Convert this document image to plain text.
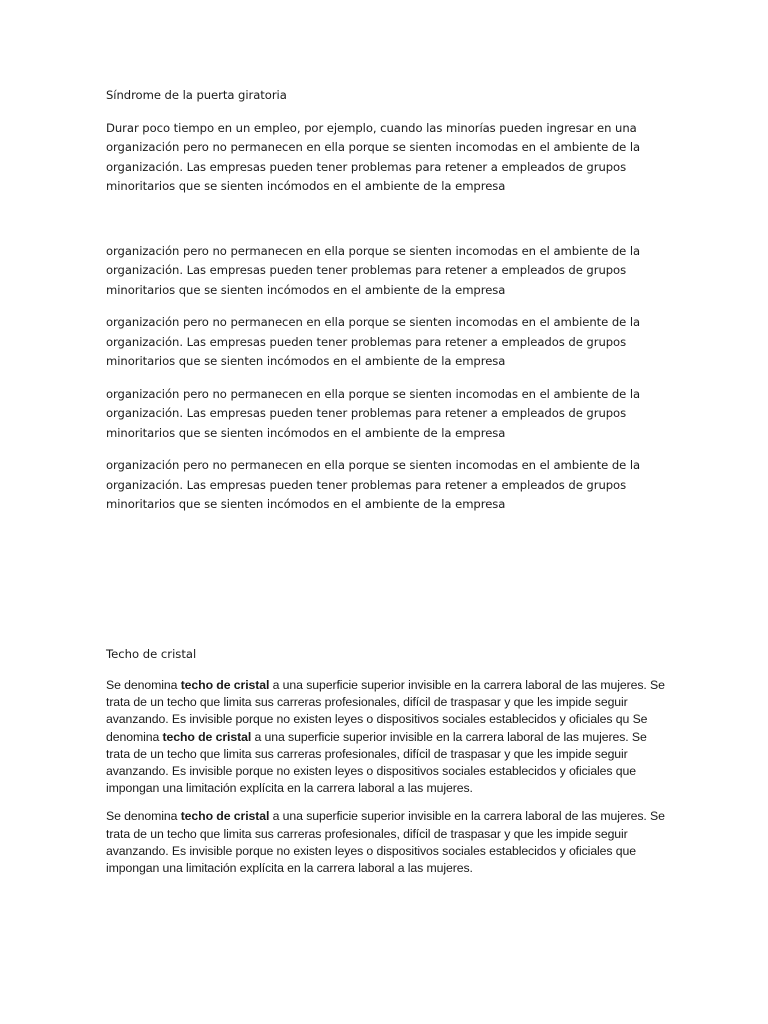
Síndrome de la puerta giratoria

Durar poco tiempo en un empleo, por ejemplo, cuando las minorías pueden ingresar en una organización pero no permanecen en ella porque se sienten incomodas en el ambiente de la organización. Las empresas pueden tener problemas para retener a empleados de grupos minoritarios que se sienten incómodos en el ambiente de la empresa

organización pero no permanecen en ella porque se sienten incomodas en el ambiente de la organización. Las empresas pueden tener problemas para retener a empleados de grupos minoritarios que se sienten incómodos en el ambiente de la empresa

organización pero no permanecen en ella porque se sienten incomodas en el ambiente de la organización. Las empresas pueden tener problemas para retener a empleados de grupos minoritarios que se sienten incómodos en el ambiente de la empresa

organización pero no permanecen en ella porque se sienten incomodas en el ambiente de la organización. Las empresas pueden tener problemas para retener a empleados de grupos minoritarios que se sienten incómodos en el ambiente de la empresa

organización pero no permanecen en ella porque se sienten incomodas en el ambiente de la organización. Las empresas pueden tener problemas para retener a empleados de grupos minoritarios que se sienten incómodos en el ambiente de la empresa

Techo de cristal

Se denomina techo de cristal a una superficie superior invisible en la carrera laboral de las mujeres. Se trata de un techo que limita sus carreras profesionales, difícil de traspasar y que les impide seguir avanzando. Es invisible porque no existen leyes o dispositivos sociales establecidos y oficiales qu Se denomina techo de cristal a una superficie superior invisible en la carrera laboral de las mujeres. Se trata de un techo que limita sus carreras profesionales, difícil de traspasar y que les impide seguir avanzando. Es invisible porque no existen leyes o dispositivos sociales establecidos y oficiales que impongan una limitación explícita en la carrera laboral a las mujeres.

Se denomina techo de cristal a una superficie superior invisible en la carrera laboral de las mujeres. Se trata de un techo que limita sus carreras profesionales, difícil de traspasar y que les impide seguir avanzando. Es invisible porque no existen leyes o dispositivos sociales establecidos y oficiales que impongan una limitación explícita en la carrera laboral a las mujeres.
